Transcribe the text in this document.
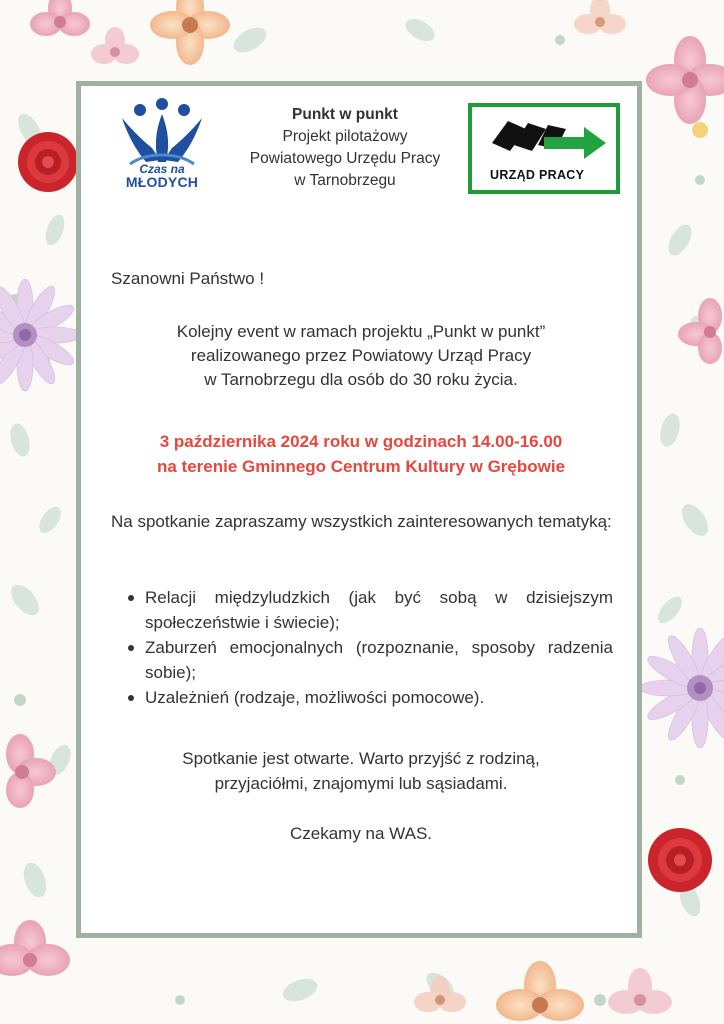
Czas na
MŁODYCH
Punkt w punkt
Projekt pilotażowy
Powiatowego Urzędu Pracy
w Tarnobrzegu	URZĄD PRACY
Szanowni Państwo !
Kolejny event w ramach projektu „Punkt w punkt”
realizowanego przez Powiatowy Urząd Pracy
w Tarnobrzegu dla osób do 30 roku życia.
3 października 2024 roku w godzinach 14.00-16.00
na terenie Gminnego Centrum Kultury w Grębowie
Na spotkanie zapraszamy wszystkich zainteresowanych tematyką:
Relacji międzyludzkich (jak być sobą w dzisiejszym społeczeństwie i świecie);
Zaburzeń emocjonalnych (rozpoznanie, sposoby radzenia sobie);
Uzależnień (rodzaje, możliwości pomocowe).
Spotkanie jest otwarte. Warto przyjść z rodziną,
przyjaciółmi, znajomymi lub sąsiadami.
Czekamy na WAS.
